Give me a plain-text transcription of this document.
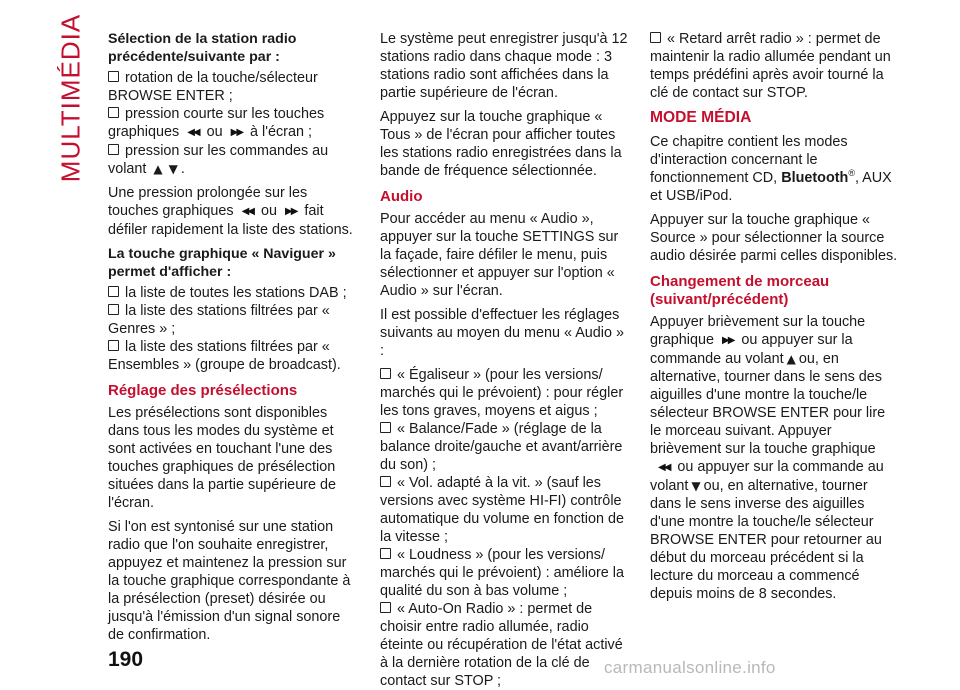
MULTIMÉDIA Sélection de la station radio précédente/suivante par :
rotation de la touche/sélecteur BROWSE ENTER ;
pression courte sur les touches graphiques ◀◀ ou ▶▶ à l'écran ;
pression sur les commandes au volant ▲ ▼ .
Une pression prolongée sur les touches graphiques ◀◀ ou ▶▶ fait défiler rapidement la liste des stations.
La touche graphique « Naviguer » permet d'afficher :
la liste de toutes les stations DAB ;
la liste des stations filtrées par « Genres » ;
la liste des stations filtrées par « Ensembles » (groupe de broadcast).
Réglage des présélections
Les présélections sont disponibles dans tous les modes du système et sont activées en touchant l'une des touches graphiques de présélection situées dans la partie supérieure de l'écran.
Si l'on est syntonisé sur une station radio que l'on souhaite enregistrer, appuyez et maintenez la pression sur la touche graphique correspondante à la présélection (preset) désirée ou jusqu'à l'émission d'un signal sonore de confirmation.
Le système peut enregistrer jusqu'à 12 stations radio dans chaque mode : 3 stations radio sont affichées dans la partie supérieure de l'écran.
Appuyez sur la touche graphique « Tous » de l'écran pour afficher toutes les stations radio enregistrées dans la bande de fréquence sélectionnée.
Audio
Pour accéder au menu « Audio », appuyer sur la touche SETTINGS sur la façade, faire défiler le menu, puis sélectionner et appuyer sur l'option « Audio » sur l'écran.
Il est possible d'effectuer les réglages suivants au moyen du menu « Audio » :
« Égaliseur » (pour les versions/ marchés qui le prévoient) : pour régler les tons graves, moyens et aigus ;
« Balance/Fade » (réglage de la balance droite/gauche et avant/arrière du son) ;
« Vol. adapté à la vit. » (sauf les versions avec système HI-FI) contrôle automatique du volume en fonction de la vitesse ;
« Loudness » (pour les versions/ marchés qui le prévoient) : améliore la qualité du son à bas volume ;
« Auto-On Radio » : permet de choisir entre radio allumée, radio éteinte ou récupération de l'état activé à la dernière rotation de la clé de contact sur STOP ;
« Retard arrêt radio » : permet de maintenir la radio allumée pendant un temps prédéfini après avoir tourné la clé de contact sur STOP.
MODE MÉDIA
Ce chapitre contient les modes d'interaction concernant le fonctionnement CD, Bluetooth®, AUX et USB/iPod.
Appuyer sur la touche graphique « Source » pour sélectionner la source audio désirée parmi celles disponibles.
Changement de morceau (suivant/précédent)
Appuyer brièvement sur la touche graphique ▶▶ ou appuyer sur la commande au volant ▲ ou, en alternative, tourner dans le sens des aiguilles d'une montre la touche/le sélecteur BROWSE ENTER pour lire le morceau suivant. Appuyer brièvement sur la touche graphique◀◀ ou appuyer sur la commande au volant ▼ ou, en alternative, tourner dans le sens inverse des aiguilles d'une montre la touche/le sélecteur BROWSE ENTER pour retourner au début du morceau précédent si la lecture du morceau a commencé depuis moins de 8 secondes.
190	carmanualsonline.info
